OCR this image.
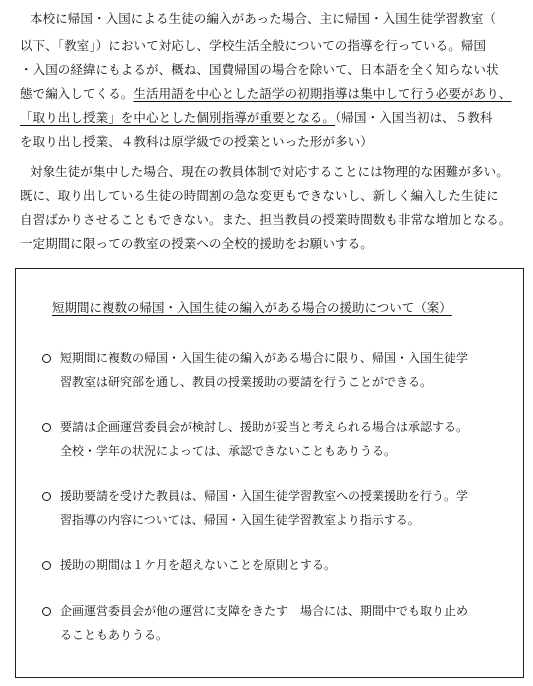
本校に帰国・入国による生徒の編入があった場合、主に帰国・入国生徒学習教室（
以下、「教室」）において対応し、学校生活全般についての指導を行っている。帰国
・入国の経緯にもよるが、概ね、国費帰国の場合を除いて、日本語を全く知らない状
態で編入してくる。生活用語を中心とした語学の初期指導は集中して行う必要があり、
「取り出し授業」を中心とした個別指導が重要となる。（帰国・入国当初は、５教科
を取り出し授業、４教科は原学級での授業といった形が多い）
対象生徒が集中した場合、現在の教員体制で対応することには物理的な困難が多い。
既に、取り出している生徒の時間割の急な変更もできないし、新しく編入した生徒に
自習ばかりさせることもできない。また、担当教員の授業時間数も非常な増加となる。
一定期間に限っての教室の授業への全校的援助をお願いする。
短期間に複数の帰国・入国生徒の編入がある場合の援助について（案）
短期間に複数の帰国・入国生徒の編入がある場合に限り、帰国・入国生徒学
習教室は研究部を通し、教員の授業援助の要請を行うことができる。
要請は企画運営委員会が検討し、援助が妥当と考えられる場合は承認する。
全校・学年の状況によっては、承認できないこともありうる。
援助要請を受けた教員は、帰国・入国生徒学習教室への授業援助を行う。学
習指導の内容については、帰国・入国生徒学習教室より指示する。
援助の期間は１ケ月を超えないことを原則とする。
企画運営委員会が他の運営に支障をきたす　場合には、期間中でも取り止め
ることもありうる。
